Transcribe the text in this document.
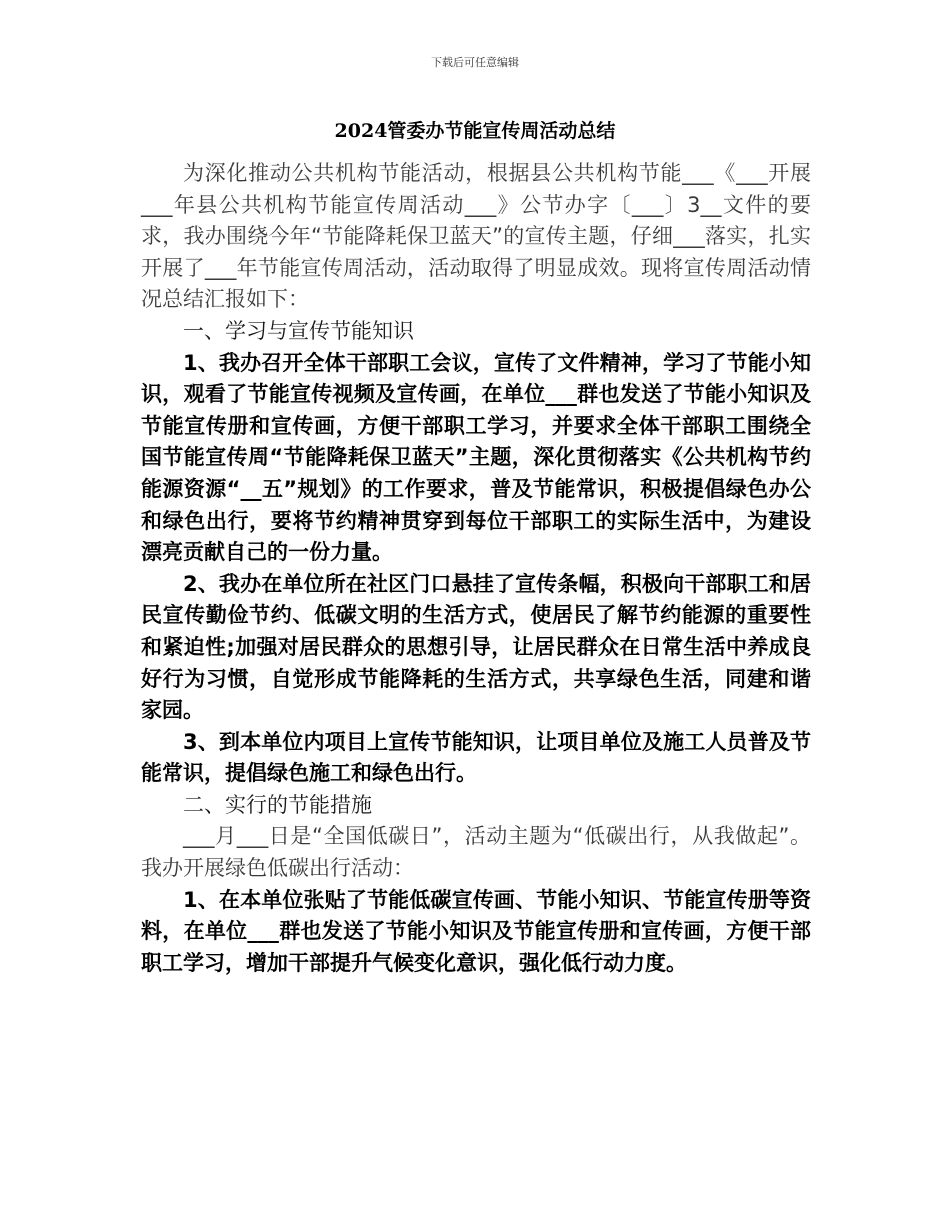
下载后可任意编辑
2024管委办节能宣传周活动总结

为深化推动公共机构节能活动，根据县公共机构节能___《___开展___年县公共机构节能宣传周活动___》公节办字〔___〕3__文件的要求，我办围绕今年“节能降耗保卫蓝天”的宣传主题，仔细___落实，扎实开展了___年节能宣传周活动，活动取得了明显成效。现将宣传周活动情况总结汇报如下：

一、学习与宣传节能知识

1、我办召开全体干部职工会议，宣传了文件精神，学习了节能小知识，观看了节能宣传视频及宣传画，在单位___群也发送了节能小知识及节能宣传册和宣传画，方便干部职工学习，并要求全体干部职工围绕全国节能宣传周“节能降耗保卫蓝天”主题，深化贯彻落实《公共机构节约能源资源“__五”规划》的工作要求，普及节能常识，积极提倡绿色办公和绿色出行，要将节约精神贯穿到每位干部职工的实际生活中，为建设漂亮贡献自己的一份力量。

2、我办在单位所在社区门口悬挂了宣传条幅，积极向干部职工和居民宣传勤俭节约、低碳文明的生活方式，使居民了解节约能源的重要性和紧迫性;加强对居民群众的思想引导，让居民群众在日常生活中养成良好行为习惯，自觉形成节能降耗的生活方式，共享绿色生活，同建和谐家园。

3、到本单位内项目上宣传节能知识，让项目单位及施工人员普及节能常识，提倡绿色施工和绿色出行。

二、实行的节能措施

___月___日是“全国低碳日”，活动主题为“低碳出行，从我做起”。我办开展绿色低碳出行活动：

1、在本单位张贴了节能低碳宣传画、节能小知识、节能宣传册等资料，在单位___群也发送了节能小知识及节能宣传册和宣传画，方便干部职工学习，增加干部提升气候变化意识，强化低行动力度。
